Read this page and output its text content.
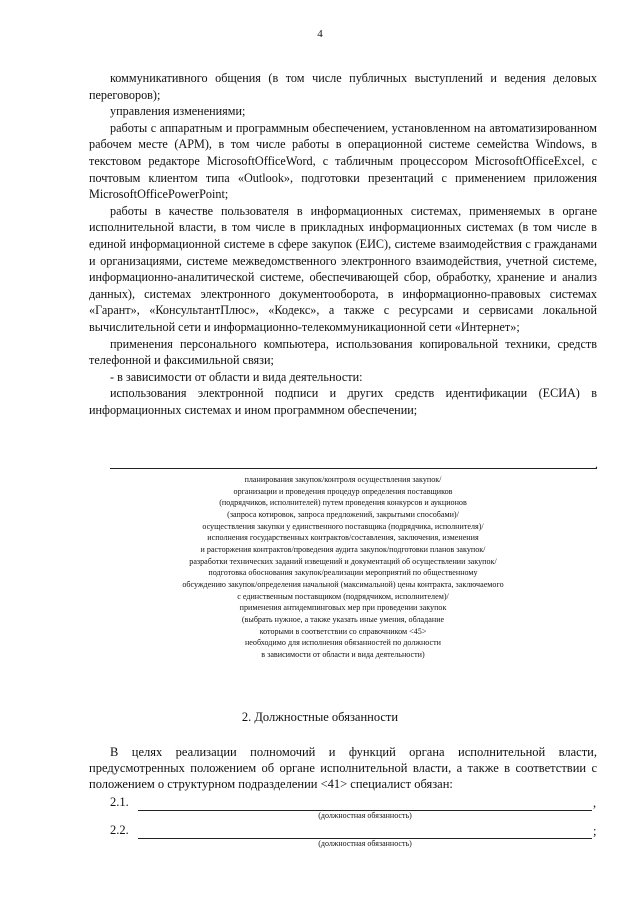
4

коммуникативного общения (в том числе публичных выступлений и ведения деловых переговоров);

управления изменениями;

работы с аппаратным и программным обеспечением, установленном на автоматизированном рабочем месте (АРМ), в том числе работы в операционной системе семейства Windows, в текстовом редакторе MicrosoftOfficeWord, с табличным процессором MicrosoftOfficeExcel, с почтовым клиентом типа «Outlook», подготовки презентаций с применением приложения MicrosoftOfficePowerPoint;

работы в качестве пользователя в информационных системах, применяемых в органе исполнительной власти, в том числе в прикладных информационных системах (в том числе в единой информационной системе в сфере закупок (ЕИС), системе взаимодействия с гражданами и организациями, системе межведомственного электронного взаимодействия, учетной системе, информационно-аналитической системе, обеспечивающей сбор, обработку, хранение и анализ данных), системах электронного документооборота, в информационно-правовых системах «Гарант», «КонсультантПлюс», «Кодекс», а также с ресурсами и сервисами локальной вычислительной сети и информационно-телекоммуникационной сети «Интернет»;

применения персонального компьютера, использования копировальной техники, средств телефонной и факсимильной связи;

- в зависимости от области и вида деятельности:

использования электронной подписи и других средств идентификации (ЕСИА) в информационных системах и ином программном обеспечении;

.
планирования закупок/контроля осуществления закупок/
организации и проведения процедур определения поставщиков
(подрядчиков, исполнителей) путем проведения конкурсов и аукционов
(запроса котировок, запроса предложений, закрытыми способами)/
осуществления закупки у единственного поставщика (подрядчика, исполнителя)/
исполнения государственных контрактов/составления, заключения, изменения
и расторжения контрактов/проведения аудита закупок/подготовки планов закупок/
разработки технических заданий извещений и документаций об осуществлении закупок/
подготовка обоснования закупок/реализации мероприятий по общественному
обсуждению закупок/определения начальной (максимальной) цены контракта, заключаемого
с единственным поставщиком (подрядчиком, исполнителем)/
применения антидемпинговых мер при проведении закупок
(выбрать нужное, а также указать иные умения, обладание
которыми в соответствии со справочником <45>
необходимо для исполнения обязанностей по должности
в зависимости от области и вида деятельности)
2. Должностные обязанности

В целях реализации полномочий и функций органа исполнительной власти, предусмотренных положением об органе исполнительной власти, а также в соответствии с положением о структурном подразделении <41> специалист обязан:

2.1.	,
(должностная обязанность)
2.2.	;
(должностная обязанность)
